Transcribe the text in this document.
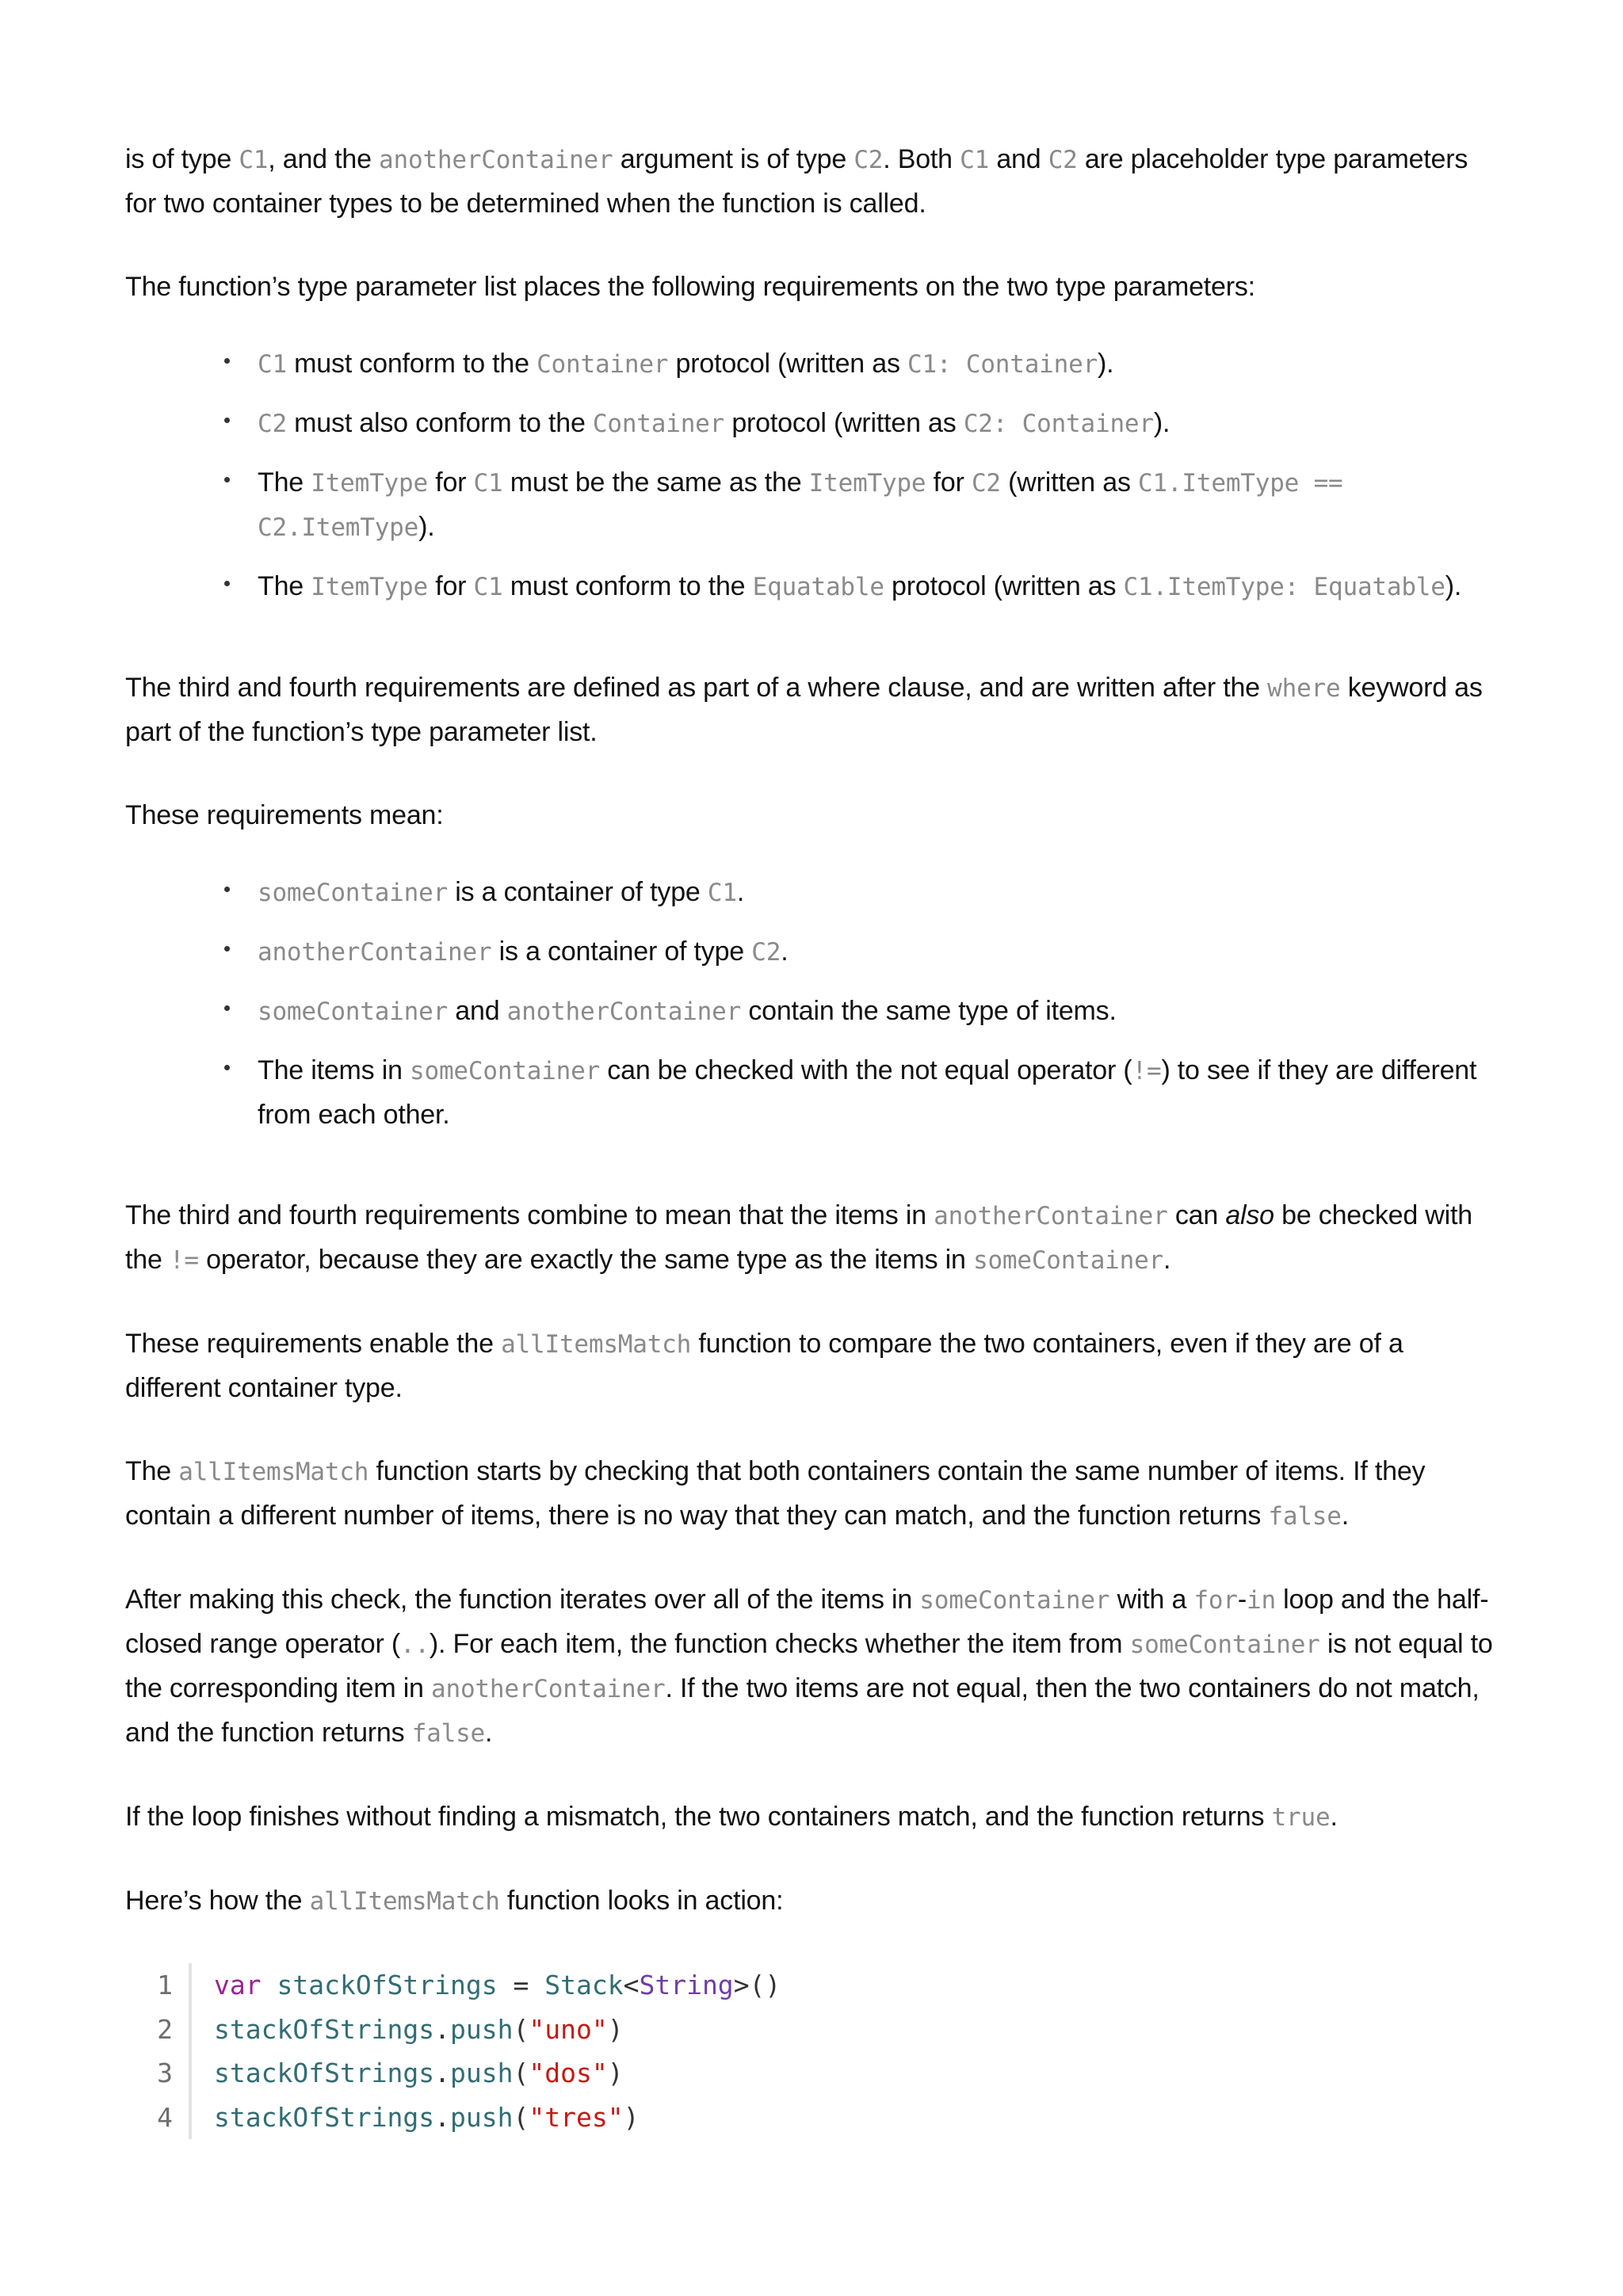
is of type C1, and the anotherContainer argument is of type C2. Both C1 and C2 are placeholder type parameters for two container types to be determined when the function is called.

The function’s type parameter list places the following requirements on the two type parameters:

C1 must conform to the Container protocol (written as C1: Container).
C2 must also conform to the Container protocol (written as C2: Container).
The ItemType for C1 must be the same as the ItemType for C2 (written as C1.ItemType ==
C2.ItemType).
The ItemType for C1 must conform to the Equatable protocol (written as C1.ItemType: Equatable).

The third and fourth requirements are defined as part of a where clause, and are written after the where keyword as part of the function’s type parameter list.

These requirements mean:

someContainer is a container of type C1.
anotherContainer is a container of type C2.
someContainer and anotherContainer contain the same type of items.
The items in someContainer can be checked with the not equal operator (!=) to see if they are different from each other.

The third and fourth requirements combine to mean that the items in anotherContainer can also be checked with the != operator, because they are exactly the same type as the items in someContainer.

These requirements enable the allItemsMatch function to compare the two containers, even if they are of a different container type.

The allItemsMatch function starts by checking that both containers contain the same number of items. If they contain a different number of items, there is no way that they can match, and the function returns false.

After making this check, the function iterates over all of the items in someContainer with a for-in loop and the half-closed range operator (..). For each item, the function checks whether the item from someContainer is not equal to the corresponding item in anotherContainer. If the two items are not equal, then the two containers do not match, and the function returns false.

If the loop finishes without finding a mismatch, the two containers match, and the function returns true.

Here’s how the allItemsMatch function looks in action:

1	var stackOfStrings = Stack<String>()
2	stackOfStrings.push("uno")
3	stackOfStrings.push("dos")
4	stackOfStrings.push("tres")
